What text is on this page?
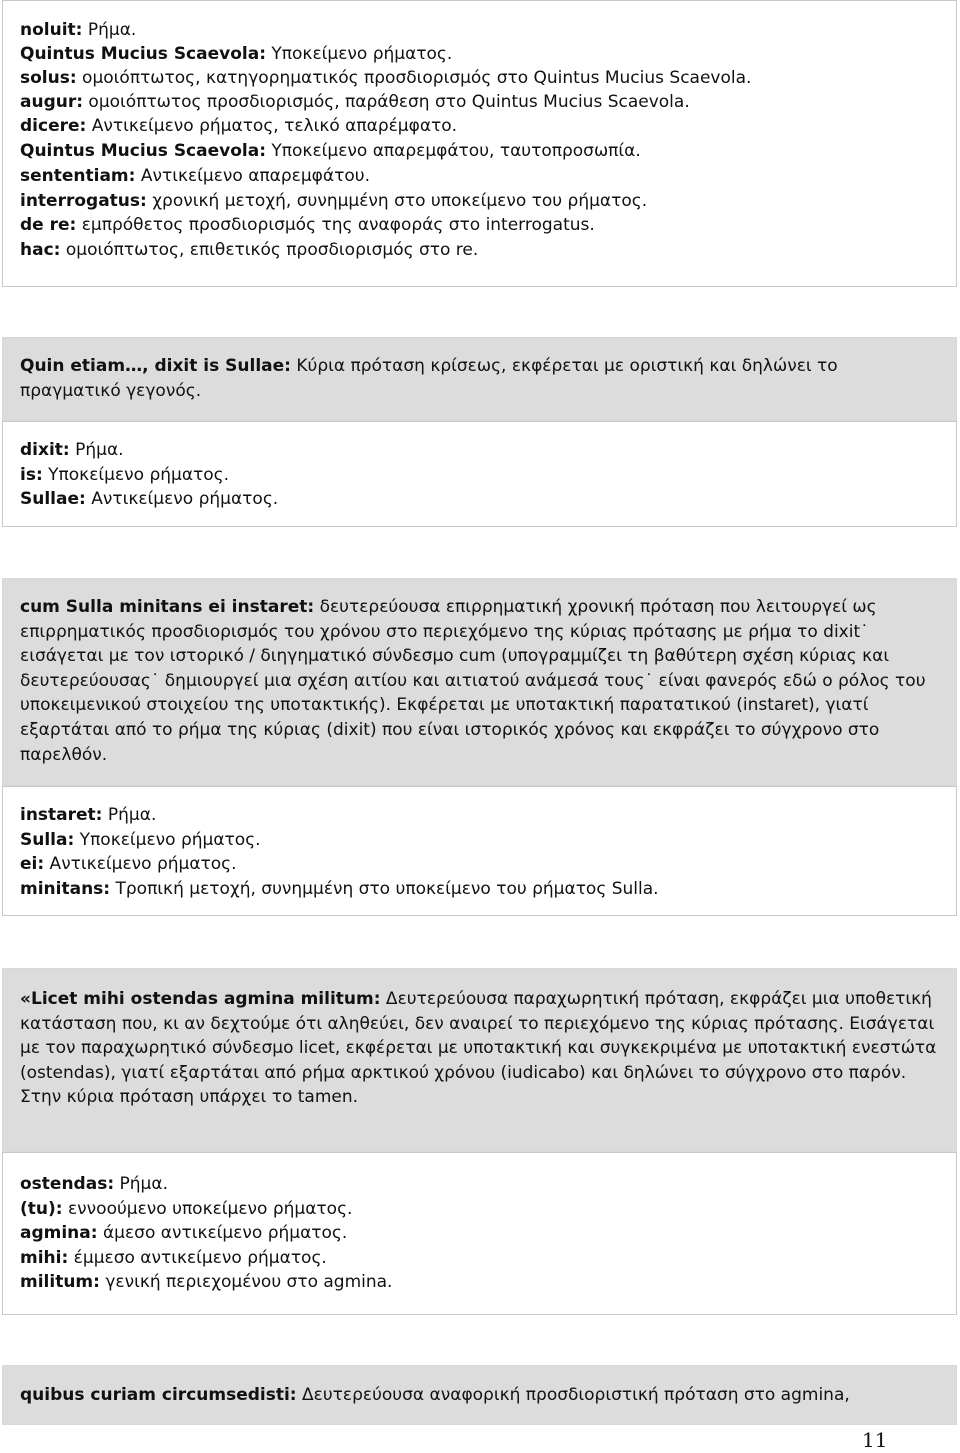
noluit: Ρήμα.
Quintus Mucius Scaevola: Υποκείμενο ρήματος.
solus: ομοιόπτωτος, κατηγορηματικός προσδιορισμός στο Quintus Mucius Scaevola.
augur: ομοιόπτωτος προσδιορισμός, παράθεση στο Quintus Mucius Scaevola.
dicere: Αντικείμενο ρήματος, τελικό απαρέμφατο.
Quintus Mucius Scaevola: Υποκείμενο απαρεμφάτου, ταυτοπροσωπία.
sententiam: Αντικείμενο απαρεμφάτου.
interrogatus: χρονική μετοχή, συνημμένη στο υποκείμενο του ρήματος.
de re: εμπρόθετος προσδιορισμός της αναφοράς στο interrogatus.
hac: ομοιόπτωτος, επιθετικός προσδιορισμός στο re.
Quin etiam…, dixit is Sullae: Κύρια πρόταση κρίσεως, εκφέρεται με οριστική και δηλώνει το πραγματικό γεγονός.
dixit: Ρήμα.
is: Υποκείμενο ρήματος.
Sullae: Αντικείμενο ρήματος.
cum Sulla minitans ei instaret: δευτερεύουσα επιρρηματική χρονική πρόταση που λειτουργεί ως επιρρηματικός προσδιορισμός του χρόνου στο περιεχόμενο της κύριας πρότασης με ρήμα το dixit˙ εισάγεται με τον ιστορικό / διηγηματικό σύνδεσμο cum (υπογραμμίζει τη βαθύτερη σχέση κύριας και δευτερεύουσας˙ δημιουργεί μια σχέση αιτίου και αιτιατού ανάμεσά τους˙ είναι φανερός εδώ ο ρόλος του υποκειμενικού στοιχείου της υποτακτικής). Εκφέρεται με υποτακτική παρατατικού (instaret), γιατί εξαρτάται από το ρήμα της κύριας (dixit) που είναι ιστορικός χρόνος και εκφράζει το σύγχρονο στο παρελθόν.
instaret: Ρήμα.
Sulla: Υποκείμενο ρήματος.
ei: Αντικείμενο ρήματος.
minitans: Τροπική μετοχή, συνημμένη στο υποκείμενο του ρήματος Sulla.
«Licet mihi ostendas agmina militum: Δευτερεύουσα παραχωρητική πρόταση, εκφράζει μια υποθετική κατάσταση που, κι αν δεχτούμε ότι αληθεύει, δεν αναιρεί το περιεχόμενο της κύριας πρότασης. Εισάγεται με τον παραχωρητικό σύνδεσμο licet, εκφέρεται με υποτακτική και συγκεκριμένα με υποτακτική ενεστώτα (ostendas), γιατί εξαρτάται από ρήμα αρκτικού χρόνου (iudicabo) και δηλώνει το σύγχρονο στο παρόν. Στην κύρια πρόταση υπάρχει το tamen.
ostendas: Ρήμα.
(tu): εννοούμενο υποκείμενο ρήματος.
agmina: άμεσο αντικείμενο ρήματος.
mihi: έμμεσο αντικείμενο ρήματος.
militum: γενική περιεχομένου στο agmina.
quibus curiam circumsedisti: Δευτερεύουσα αναφορική προσδιοριστική πρόταση στο agmina,
11
